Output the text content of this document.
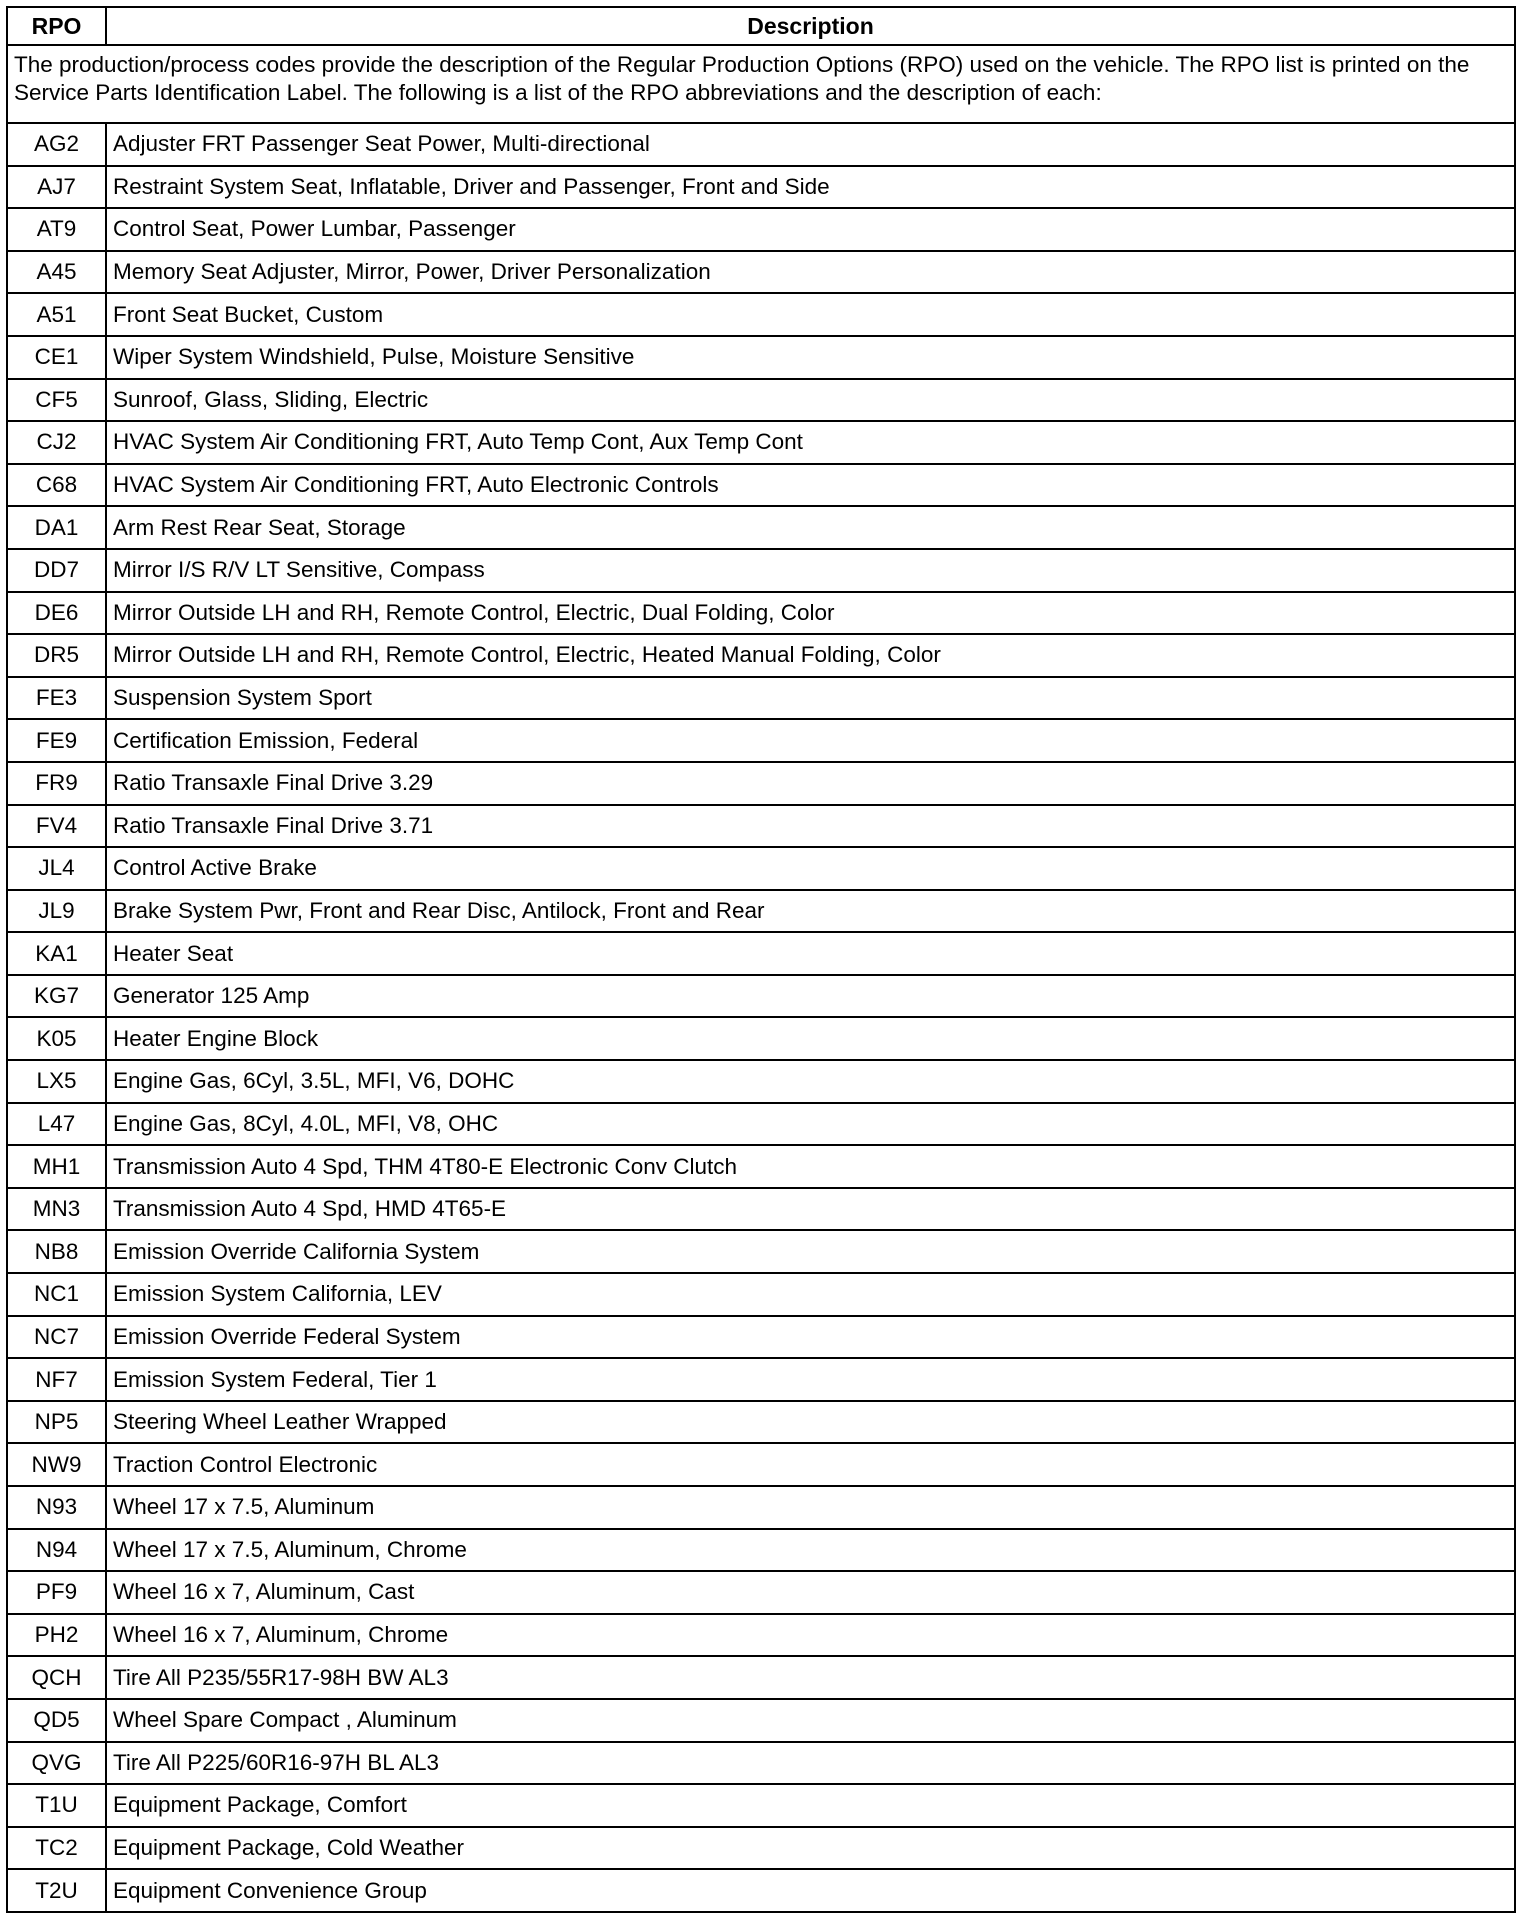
RPO	Description
The production/process codes provide the description of the Regular Production Options (RPO) used on the vehicle. The RPO list is printed on the Service Parts Identification Label. The following is a list of the RPO abbreviations and the description of each:	
AG2	Adjuster FRT Passenger Seat Power, Multi-directional
AJ7	Restraint System Seat, Inflatable, Driver and Passenger, Front and Side
AT9	Control Seat, Power Lumbar, Passenger
A45	Memory Seat Adjuster, Mirror, Power, Driver Personalization
A51	Front Seat Bucket, Custom
CE1	Wiper System Windshield, Pulse, Moisture Sensitive
CF5	Sunroof, Glass, Sliding, Electric
CJ2	HVAC System Air Conditioning FRT, Auto Temp Cont, Aux Temp Cont
C68	HVAC System Air Conditioning FRT, Auto Electronic Controls
DA1	Arm Rest Rear Seat, Storage
DD7	Mirror I/S R/V LT Sensitive, Compass
DE6	Mirror Outside LH and RH, Remote Control, Electric, Dual Folding, Color
DR5	Mirror Outside LH and RH, Remote Control, Electric, Heated Manual Folding, Color
FE3	Suspension System Sport
FE9	Certification Emission, Federal
FR9	Ratio Transaxle Final Drive 3.29
FV4	Ratio Transaxle Final Drive 3.71
JL4	Control Active Brake
JL9	Brake System Pwr, Front and Rear Disc, Antilock, Front and Rear
KA1	Heater Seat
KG7	Generator 125 Amp
K05	Heater Engine Block
LX5	Engine Gas, 6Cyl, 3.5L, MFI, V6, DOHC
L47	Engine Gas, 8Cyl, 4.0L, MFI, V8, OHC
MH1	Transmission Auto 4 Spd, THM 4T80-E Electronic Conv Clutch
MN3	Transmission Auto 4 Spd, HMD 4T65-E
NB8	Emission Override California System
NC1	Emission System California, LEV
NC7	Emission Override Federal System
NF7	Emission System Federal, Tier 1
NP5	Steering Wheel Leather Wrapped
NW9	Traction Control Electronic
N93	Wheel 17 x 7.5, Aluminum
N94	Wheel 17 x 7.5, Aluminum, Chrome
PF9	Wheel 16 x 7, Aluminum, Cast
PH2	Wheel 16 x 7, Aluminum, Chrome
QCH	Tire All P235/55R17-98H BW AL3
QD5	Wheel Spare Compact , Aluminum
QVG	Tire All P225/60R16-97H BL AL3
T1U	Equipment Package, Comfort
TC2	Equipment Package, Cold Weather
T2U	Equipment Convenience Group
